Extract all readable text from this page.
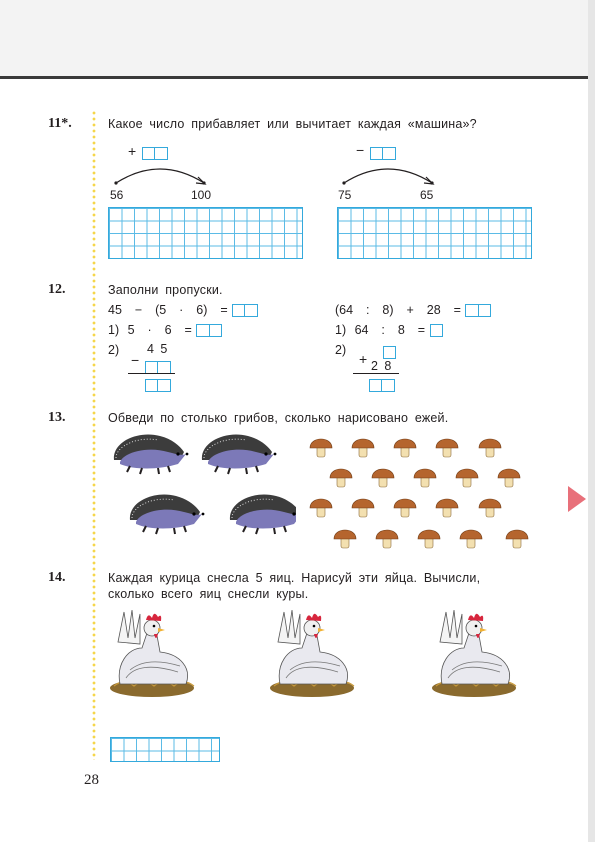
11*.	Какое число прибавляет или вычитает каждая «машина»?
+
56	100
−
75	65
12.	Заполни пропуски.
45  −  (5  ·  6)  =
1) 5  ·  6  =
2) 4 5
−
(64  :  8)  +  28  =
1) 64  :  8  =
2)
+ 2 8
13.	Обведи по столько грибов, сколько нарисовано ежей.
14.	Каждая курица снесла 5 яиц. Нарисуй эти яйца. Вычисли,
сколько всего яиц снесли куры.
28
